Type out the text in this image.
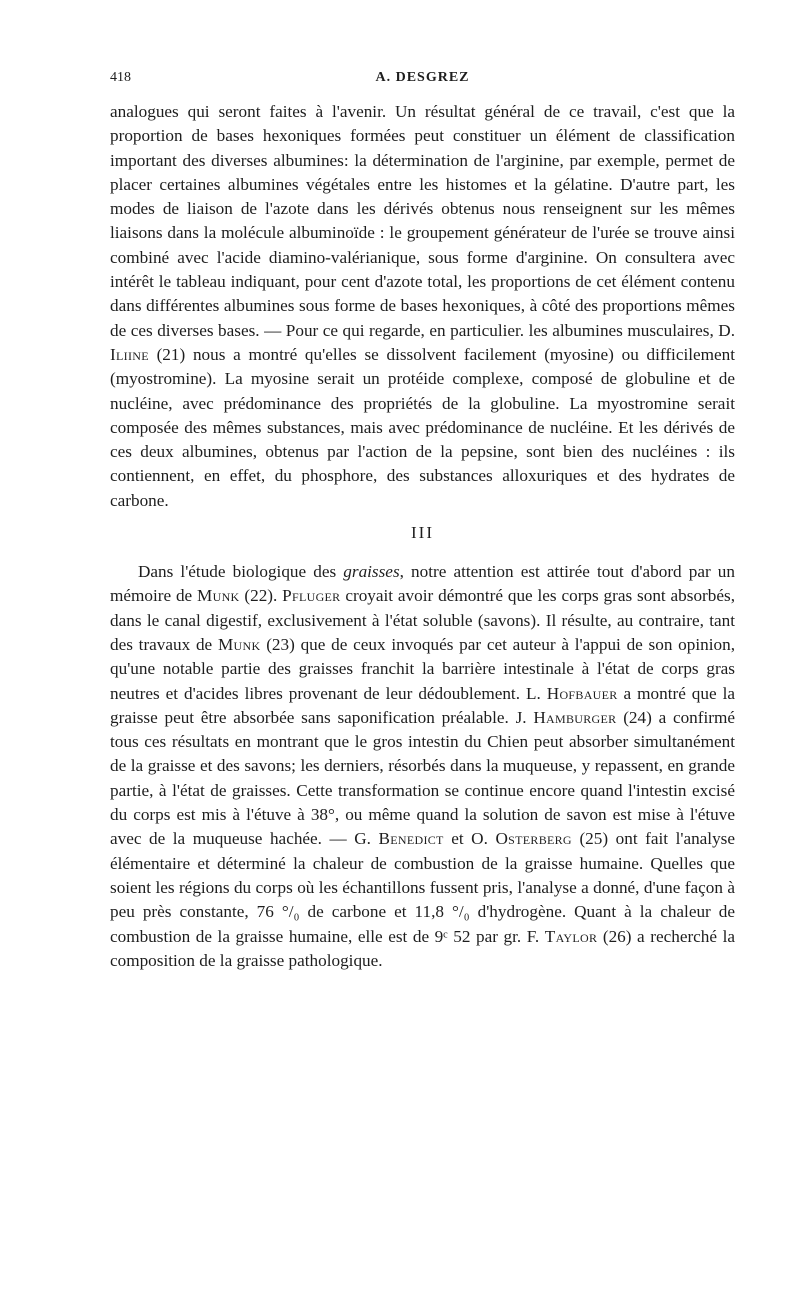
418	A. DESGREZ

analogues qui seront faites à l'avenir. Un résultat général de ce travail, c'est que la proportion de bases hexoniques formées peut constituer un élément de classification important des diverses albumines: la détermination de l'arginine, par exemple, permet de placer certaines albumines végétales entre les histomes et la gélatine. D'autre part, les modes de liaison de l'azote dans les dérivés obtenus nous renseignent sur les mêmes liaisons dans la molécule albuminoïde : le groupement générateur de l'urée se trouve ainsi combiné avec l'acide diamino-valérianique, sous forme d'arginine. On consultera avec intérêt le tableau indiquant, pour cent d'azote total, les proportions de cet élément contenu dans différentes albumines sous forme de bases hexoniques, à côté des proportions mêmes de ces diverses bases. — Pour ce qui regarde, en particulier. les albumines musculaires, D. Iliine (21) nous a montré qu'elles se dissolvent facilement (myosine) ou difficilement (myostromine). La myosine serait un protéide complexe, composé de globuline et de nucléine, avec prédominance des propriétés de la globuline. La myostromine serait composée des mêmes substances, mais avec prédominance de nucléine. Et les dérivés de ces deux albumines, obtenus par l'action de la pepsine, sont bien des nucléines : ils contiennent, en effet, du phosphore, des substances alloxuriques et des hydrates de carbone.

III

Dans l'étude biologique des graisses, notre attention est attirée tout d'abord par un mémoire de Munk (22). Pfluger croyait avoir démontré que les corps gras sont absorbés, dans le canal digestif, exclusivement à l'état soluble (savons). Il résulte, au contraire, tant des travaux de Munk (23) que de ceux invoqués par cet auteur à l'appui de son opinion, qu'une notable partie des graisses franchit la barrière intestinale à l'état de corps gras neutres et d'acides libres provenant de leur dédoublement. L. Hofbauer a montré que la graisse peut être absorbée sans saponification préalable. J. Hamburger (24) a confirmé tous ces résultats en montrant que le gros intestin du Chien peut absorber simultanément de la graisse et des savons; les derniers, résorbés dans la muqueuse, y repassent, en grande partie, à l'état de graisses. Cette transformation se continue encore quand l'intestin excisé du corps est mis à l'étuve à 38°, ou même quand la solution de savon est mise à l'étuve avec de la muqueuse hachée. — G. Benedict et O. Osterberg (25) ont fait l'analyse élémentaire et déterminé la chaleur de combustion de la graisse humaine. Quelles que soient les régions du corps où les échantillons fussent pris, l'analyse a donné, d'une façon à peu près constante, 76 °/₀ de carbone et 11,8 °/₀ d'hydrogène. Quant à la chaleur de combustion de la graisse humaine, elle est de 9ᶜ 52 par gr. F. Taylor (26) a recherché la composition de la graisse pathologique.
